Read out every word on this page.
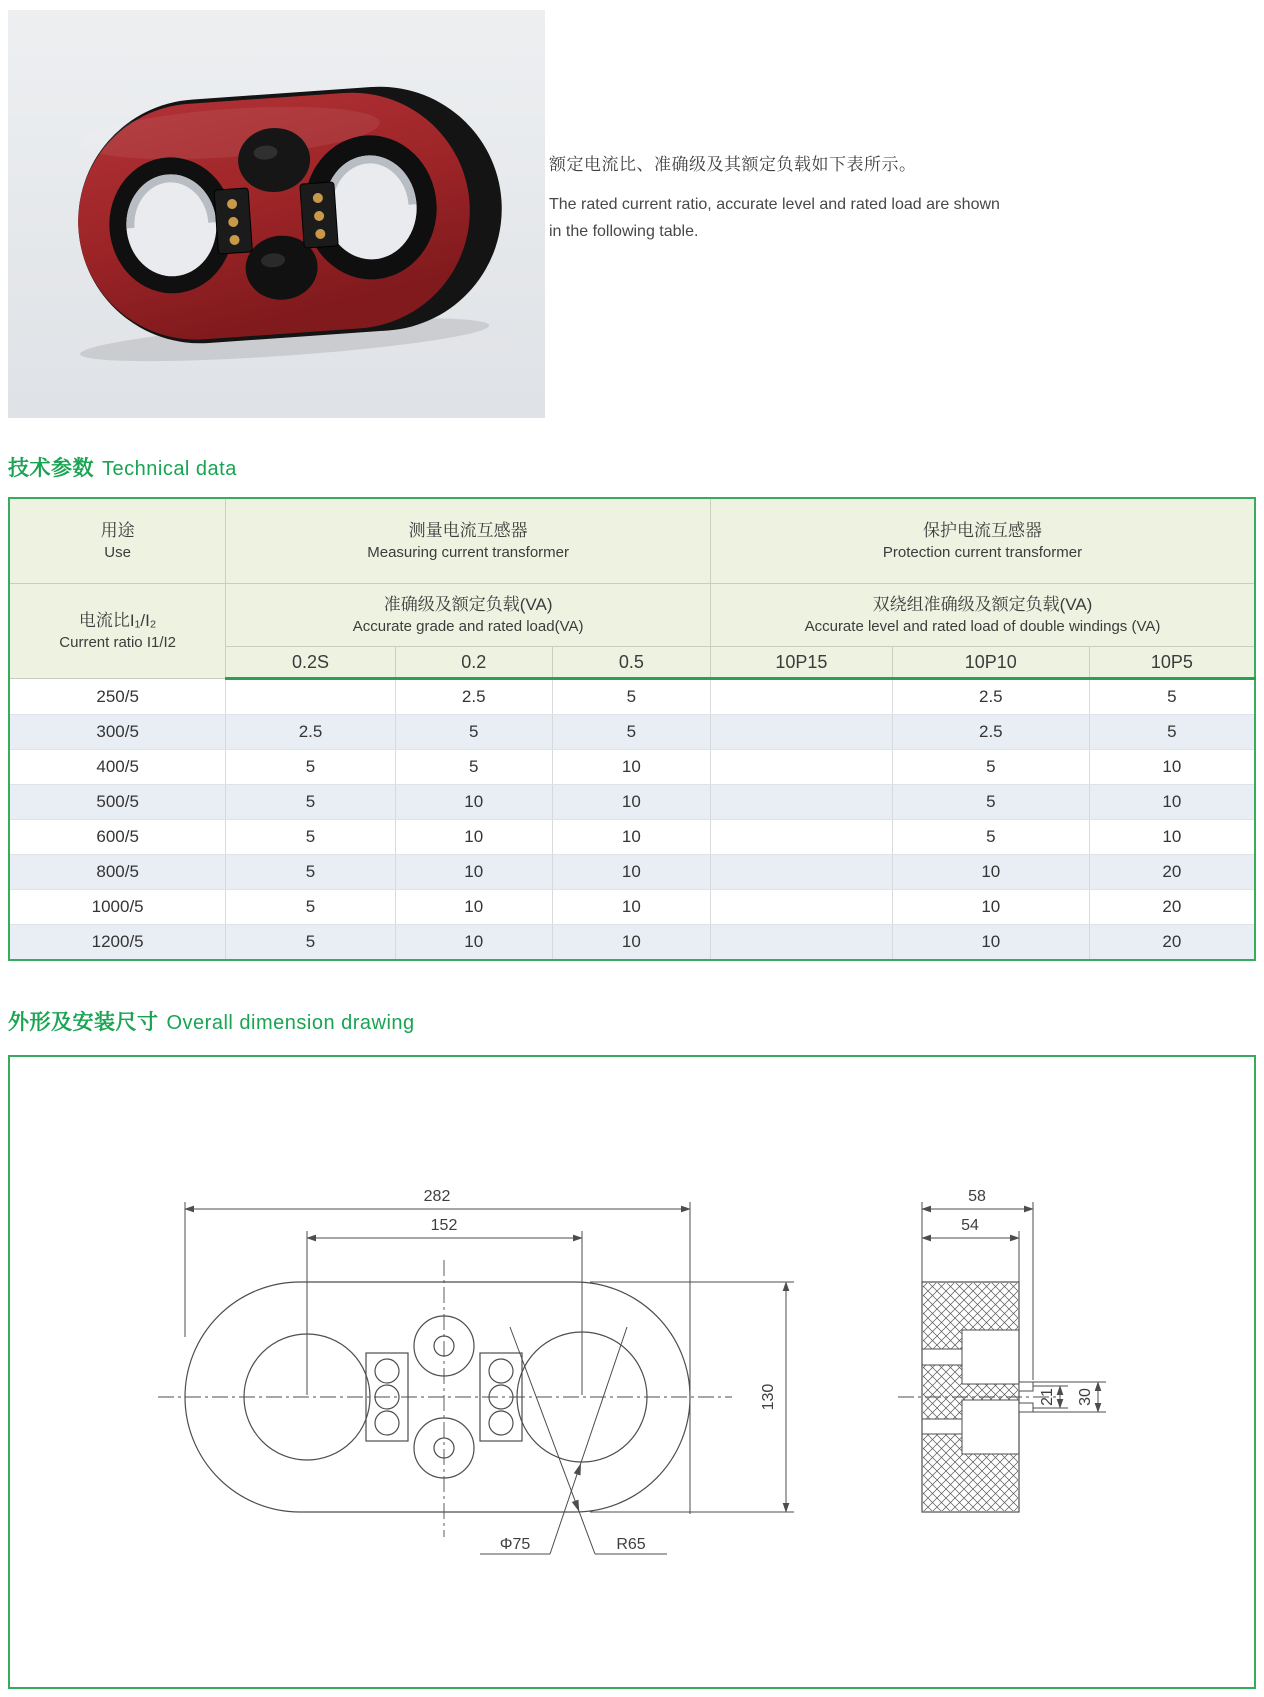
额定电流比、准确级及其额定负载如下表所示。
The rated current ratio, accurate level and rated load are shown
in the following table.
技术参数 Technical data
用途
Use

测量电流互感器
Measuring current transformer

保护电流互感器
Protection current transformer

电流比I₁/I₂
Current ratio I1/I2

准确级及额定负载(VA)
Accurate grade and rated load(VA)

双绕组准确级及额定负载(VA)
Accurate level and rated load of double windings (VA)

	0.2S	0.2	0.5	10P15	10P10	10P5
250/5		2.5	5		2.5	5
300/5	2.5	5	5		2.5	5
400/5	5	5	10		5	10
500/5	5	10	10		5	10
600/5	5	10	10		5	10
800/5	5	10	10		10	20
1000/5	5	10	10		10	20
1200/5	5	10	10		10	20
外形及安装尺寸 Overall dimension drawing
282
152
130
Φ75	R65
58
54
21 30
